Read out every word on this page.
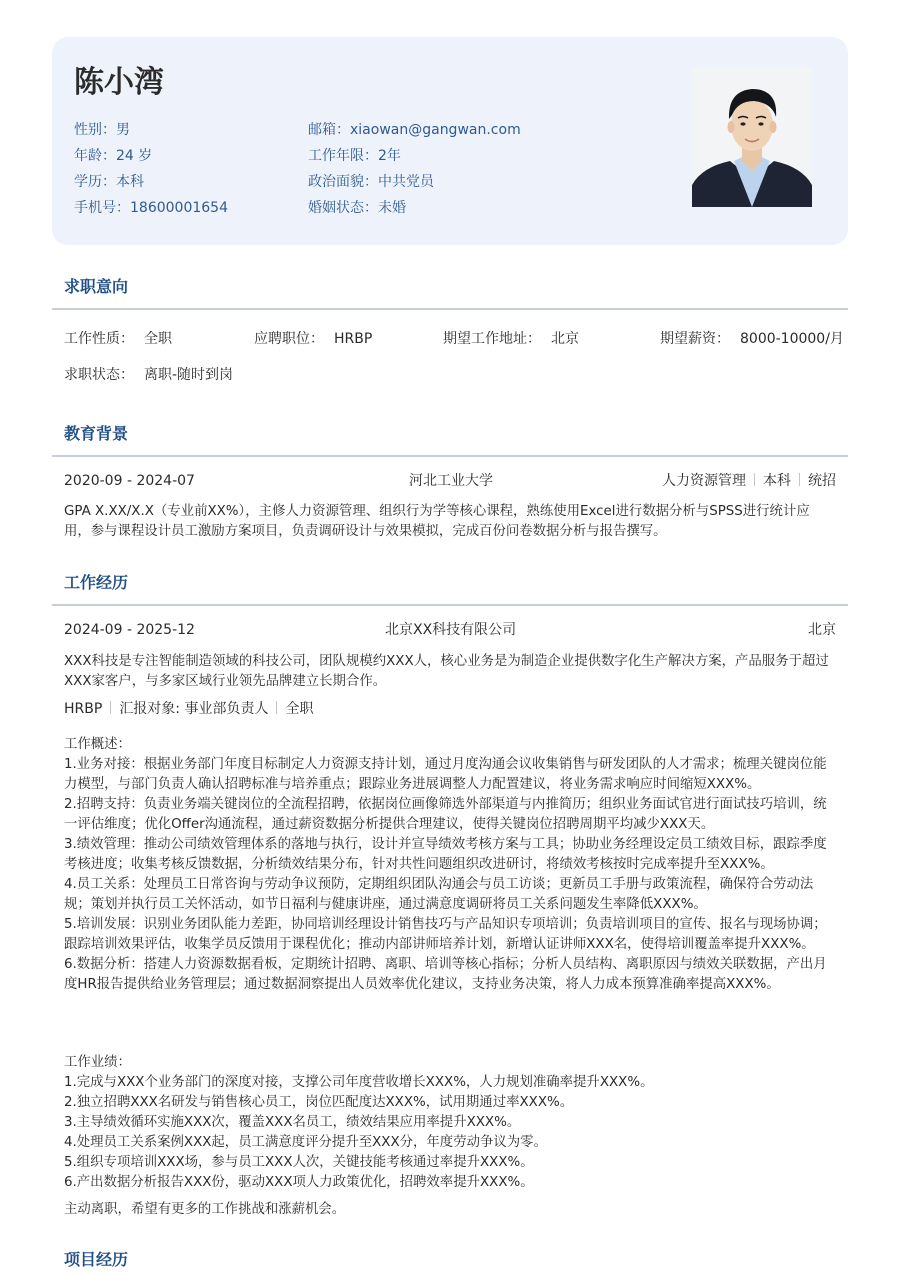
陈小湾
性别：男
年龄：24 岁
学历：本科
手机号：18600001654
邮箱：xiaowan@gangwan.com
工作年限：2年
政治面貌：中共党员
婚姻状态：未婚
求职意向
工作性质： 全职	应聘职位： HRBP	期望工作地址： 北京	期望薪资： 8000-10000/月
求职状态： 离职-随时到岗
教育背景
2020-09 - 2024-07	河北工业大学	人力资源管理 本科 统招

GPA X.XX/X.X（专业前XX%），主修人力资源管理、组织行为学等核心课程，熟练使用Excel进行数据分析与SPSS进行统计应用，参与课程设计员工激励方案项目，负责调研设计与效果模拟，完成百份问卷数据分析与报告撰写。

工作经历
2024-09 - 2025-12	北京XX科技有限公司	北京

XXX科技是专注智能制造领域的科技公司，团队规模约XXX人，核心业务是为制造企业提供数字化生产解决方案，产品服务于超过XXX家客户，与多家区域行业领先品牌建立长期合作。

HRBP 汇报对象: 事业部负责人 全职
工作概述：
1.业务对接：根据业务部门年度目标制定人力资源支持计划，通过月度沟通会议收集销售与研发团队的人才需求；梳理关键岗位能力模型，与部门负责人确认招聘标准与培养重点；跟踪业务进展调整人力配置建议，将业务需求响应时间缩短XXX%。
2.招聘支持：负责业务端关键岗位的全流程招聘，依据岗位画像筛选外部渠道与内推简历；组织业务面试官进行面试技巧培训，统一评估维度；优化Offer沟通流程，通过薪资数据分析提供合理建议，使得关键岗位招聘周期平均减少XXX天。
3.绩效管理：推动公司绩效管理体系的落地与执行，设计并宣导绩效考核方案与工具；协助业务经理设定员工绩效目标，跟踪季度考核进度；收集考核反馈数据，分析绩效结果分布，针对共性问题组织改进研讨，将绩效考核按时完成率提升至XXX%。
4.员工关系：处理员工日常咨询与劳动争议预防，定期组织团队沟通会与员工访谈；更新员工手册与政策流程，确保符合劳动法规；策划并执行员工关怀活动，如节日福利与健康讲座，通过满意度调研将员工关系问题发生率降低XXX%。
5.培训发展：识别业务团队能力差距，协同培训经理设计销售技巧与产品知识专项培训；负责培训项目的宣传、报名与现场协调；跟踪培训效果评估，收集学员反馈用于课程优化；推动内部讲师培养计划，新增认证讲师XXX名，使得培训覆盖率提升XXX%。
6.数据分析：搭建人力资源数据看板，定期统计招聘、离职、培训等核心指标；分析人员结构、离职原因与绩效关联数据，产出月度HR报告提供给业务管理层；通过数据洞察提出人员效率优化建议，支持业务决策，将人力成本预算准确率提高XXX%。
工作业绩：
1.完成与XXX个业务部门的深度对接，支撑公司年度营收增长XXX%，人力规划准确率提升XXX%。
2.独立招聘XXX名研发与销售核心员工，岗位匹配度达XXX%，试用期通过率XXX%。
3.主导绩效循环实施XXX次，覆盖XXX名员工，绩效结果应用率提升XXX%。
4.处理员工关系案例XXX起，员工满意度评分提升至XXX分，年度劳动争议为零。
5.组织专项培训XXX场，参与员工XXX人次，关键技能考核通过率提升XXX%。
6.产出数据分析报告XXX份，驱动XXX项人力政策优化，招聘效率提升XXX%。

主动离职，希望有更多的工作挑战和涨薪机会。

项目经历
